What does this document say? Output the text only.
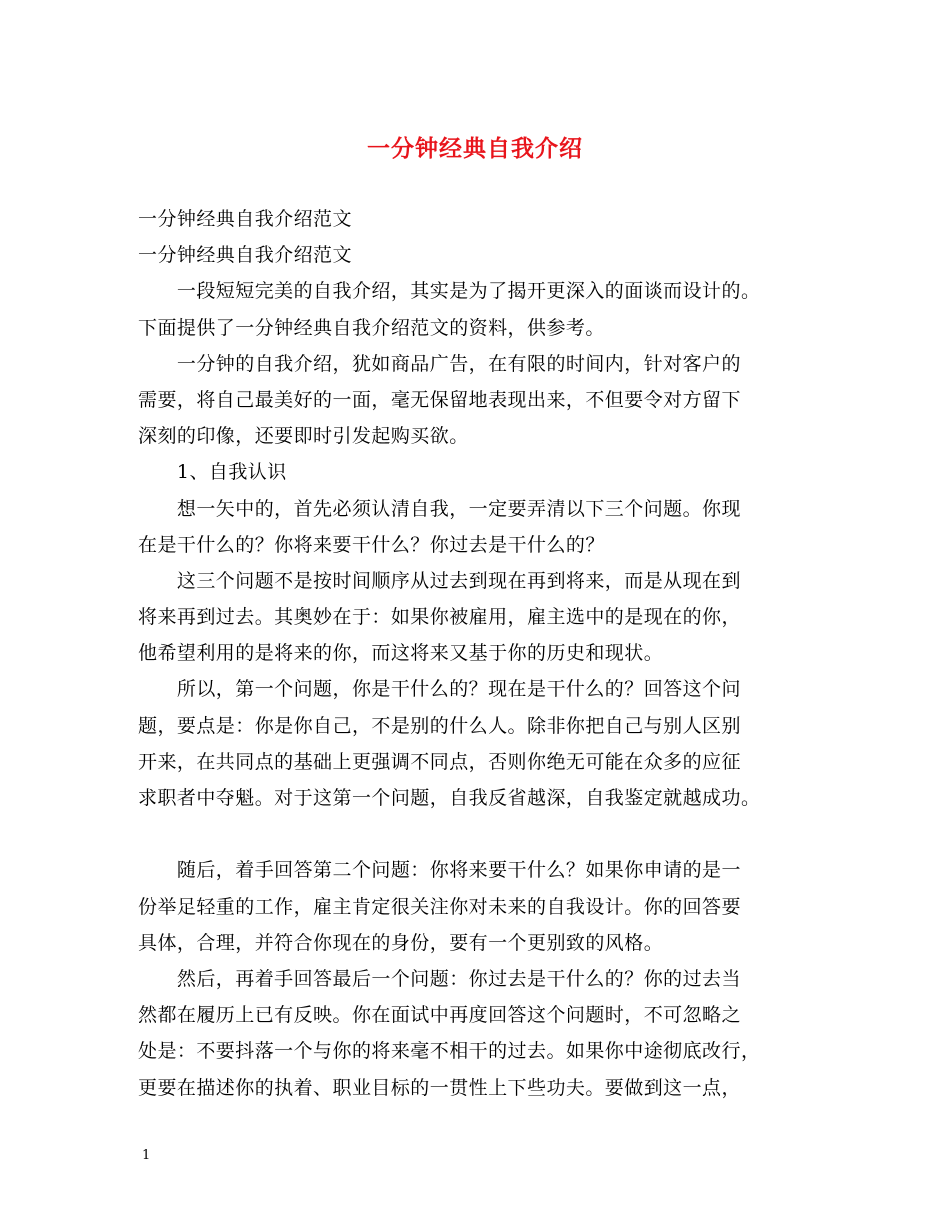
一分钟经典自我介绍
一分钟经典自我介绍范文
一分钟经典自我介绍范文
　　一段短短完美的自我介绍，其实是为了揭开更深入的面谈而设计的。
下面提供了一分钟经典自我介绍范文的资料，供参考。
　　一分钟的自我介绍，犹如商品广告，在有限的时间内，针对客户的
需要，将自己最美好的一面，毫无保留地表现出来，不但要令对方留下
深刻的印像，还要即时引发起购买欲。
　　1、自我认识
　　想一矢中的，首先必须认清自我，一定要弄清以下三个问题。你现
在是干什么的？你将来要干什么？你过去是干什么的？
　　这三个问题不是按时间顺序从过去到现在再到将来，而是从现在到
将来再到过去。其奥妙在于：如果你被雇用，雇主选中的是现在的你，
他希望利用的是将来的你，而这将来又基于你的历史和现状。
　　所以，第一个问题，你是干什么的？现在是干什么的？回答这个问
题，要点是：你是你自己，不是别的什么人。除非你把自己与别人区别
开来，在共同点的基础上更强调不同点，否则你绝无可能在众多的应征
求职者中夺魁。对于这第一个问题，自我反省越深，自我鉴定就越成功。
　　随后，着手回答第二个问题：你将来要干什么？如果你申请的是一
份举足轻重的工作，雇主肯定很关注你对未来的自我设计。你的回答要
具体，合理，并符合你现在的身份，要有一个更别致的风格。
　　然后，再着手回答最后一个问题：你过去是干什么的？你的过去当
然都在履历上已有反映。你在面试中再度回答这个问题时，不可忽略之
处是：不要抖落一个与你的将来毫不相干的过去。如果你中途彻底改行，
更要在描述你的执着、职业目标的一贯性上下些功夫。要做到这一点，
1
